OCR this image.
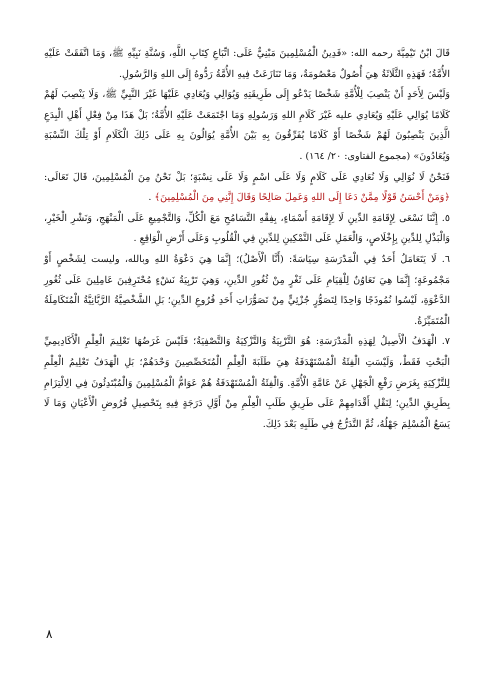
قَالَ ابْنُ تَيْمِيَّةَ رحمه الله: «فَدِينُ الْمُسْلِمِينَ مَبْنِيٌّ عَلَى: اتِّبَاعِ كِتَابِ اللَّهِ، وَسُنَّةِ نَبِيِّهِ ﷺ، وَمَا اتَّفَقَتْ عَلَيْهِ الأُمَّةُ؛ فَهَذِهِ الثَّلَاثَةُ هِيَ أُصُولٌ مَعْصُومَةٌ، وَمَا تَنَازَعَتْ فِيهِ الأُمَّةُ رَدُّوهُ إِلَى اللهِ وَالرَّسُولِ.

وَلَيْسَ لِأَحَدٍ أَنْ يَنْصِبَ لِلْأُمَّةِ شَخْصًا يَدْعُو إِلَى طَرِيقَتِهِ وَيُوَالِي وَيُعَادِي عَلَيْهَا غَيْرَ النَّبِيِّ ﷺ، وَلَا يَنْصِبَ لَهُمْ كَلَامًا يُوَالِي عَلَيْهِ وَيُعَادِي عليه غَيْرَ كَلَامِ اللهِ وَرَسُولِهِ وَمَا اجْتَمَعَتْ عَلَيْهِ الأُمَّةُ؛ بَلْ هَذَا مِنْ فِعْلِ أَهْلِ الْبِدَعِ الَّذِينَ يَنْصِبُونَ لَهُمْ شَخْصًا أَوْ كَلَامًا يُفَرِّقُونَ بِهِ بَيْنَ الأُمَّةِ يُوَالُونَ بِهِ عَلَى ذَلِكَ الْكَلَامِ أَوْ تِلْكَ النِّسْبَةِ وَيُعَادُونَ» (مجموع الفتاوى: ٢٠/ ١٦٤) .

فَنَحْنُ لَا نُوَالِي وَلَا نُعَادِي عَلَى كَلَامٍ وَلَا عَلَى اسْمٍ وَلَا عَلَى نِسْبَةٍ؛ بَلْ نَحْنُ مِنَ الْمُسْلِمِينَ، قَالَ تَعَالَى: ﴿وَمَنْ أَحْسَنُ قَوْلًا مِمَّنْ دَعَا إِلَى اللهِ وَعَمِلَ صَالِحًا وَقَالَ إِنَّنِي مِنَ الْمُسْلِمِينَ﴾ .

٥. إِنَّنَا نَسْعَى لِإِقَامَةِ الدِّينِ لَا لِإِقَامَةِ أَسْمَاءٍ، بِفِقْهِ التَّسَامُحِ مَعَ الْكُلِّ، وَالتَّجْمِيعِ عَلَى الْمَنْهَجِ، وَنَشْرِ الْخَيْرِ، وَالْبَذْلِ لِلدِّينِ بِإِخْلَاصٍ، وَالْعَمَلِ عَلَى التَّمْكِينِ لِلدِّينِ فِي الْقُلُوبِ وَعَلَى أَرْضِ الْوَاقِعِ .

٦. لَا يَتَعَامَلُ أَحَدٌ فِي الْمَدْرَسَةِ سِيَاسَةً: (أَنَّا الْأَصْلُ)؛ إِنَّمَا هِيَ دَعْوَةُ اللهِ وبالله، وليست لِشَخْصٍ أَوْ مَجْمُوعَةٍ؛ إِنَّمَا هِيَ تَعَاوُنٌ لِلْقِيَامِ عَلَى ثَغْرٍ مِنْ ثُغُورِ الدِّينِ، وَهِيَ تَرْبِيَةُ نَشْءٍ مُحْتَرِفِينَ عَامِلِينَ عَلَى ثُغُورِ الدَّعْوَةِ، لَيْسُوا نُمُوذَجًا وَاحِدًا لِتَصَوُّرٍ جُزْئِيٍّ مِنْ تَصَوُّرَاتِ أَحَدِ فُرُوعِ الدِّينِ؛ بَلِ الشَّخْصِيَّةُ الرَّبَّانِيَّةُ الْمُتَكَامِلَةُ الْمُتَمَيِّزَةُ.

٧. الْهَدَفُ الْأَصِيلُ لِهَذِهِ الْمَدْرَسَةِ: هُوَ التَّرْبِيَةُ وَالتَّزْكِيَةُ وَالتَّصْفِيَةُ؛ فَلَيْسَ غَرَضُهَا تَعْلِيمَ الْعِلْمِ الْأَكَادِيمِيِّ الْبَحْتِ فَقَطْ، وَلَيْسَتِ الْفِئَةُ الْمُسْتَهْدَفَةُ هِيَ طَلَبَةَ الْعِلْمِ الْمُتَخَصِّصِينَ وَحْدَهُمْ؛ بَلِ الْهَدَفُ تَعْلِيمُ الْعِلْمِ لِلتَّزْكِيَةِ بِغَرَضِ رَفْعِ الْجَهْلِ عَنْ عَامَّةِ الْأُمَّةِ. وَالْفِئَةُ الْمُسْتَهْدَفَةُ هُمْ عَوَامُّ الْمُسْلِمِينَ وَالْمُبْتَدِئُونَ فِي الِالْتِزَامِ بِطَرِيقِ الدِّينِ؛ لِنَقْلِ أَقْدَامِهِمْ عَلَى طَرِيقِ طَلَبِ الْعِلْمِ مِنْ أَوَّلِ دَرَجَةٍ فِيهِ بِتَحْصِيلِ فُرُوضِ الْأَعْيَانِ وَمَا لَا يَسَعُ الْمُسْلِمَ جَهْلُهُ، ثُمَّ التَّدَرُّجُ فِي طَلَبِهِ بَعْدَ ذَلِكَ.

٨
